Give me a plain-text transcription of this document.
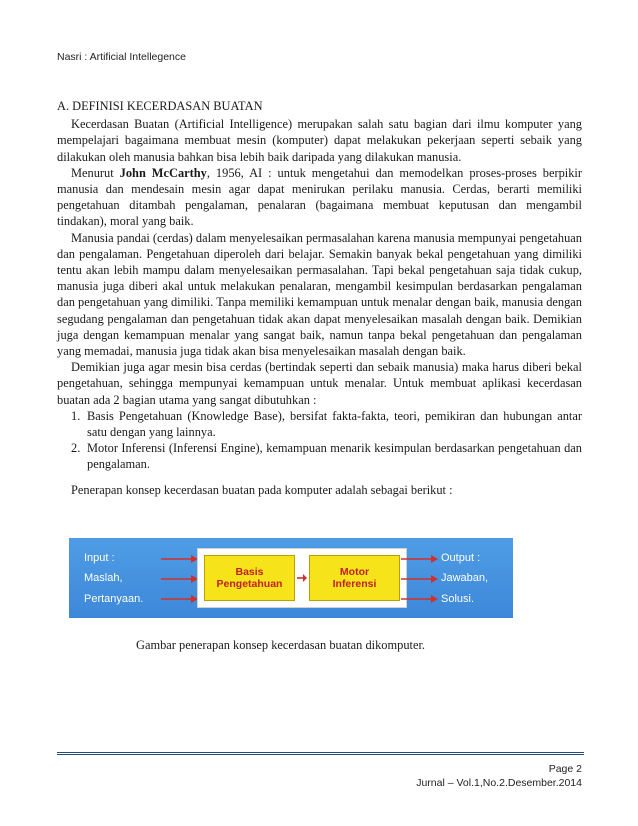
Nasri : Artificial Intellegence

A. DEFINISI KECERDASAN BUATAN

Kecerdasan Buatan (Artificial Intelligence) merupakan salah satu bagian dari ilmu komputer yang mempelajari bagaimana membuat mesin (komputer) dapat melakukan pekerjaan seperti sebaik yang dilakukan oleh manusia bahkan bisa lebih baik daripada yang dilakukan manusia.

Menurut John McCarthy, 1956, AI : untuk mengetahui dan memodelkan proses-proses berpikir manusia dan mendesain mesin agar dapat menirukan perilaku manusia. Cerdas, berarti memiliki pengetahuan ditambah pengalaman, penalaran (bagaimana membuat keputusan dan mengambil tindakan), moral yang baik.

Manusia pandai (cerdas) dalam menyelesaikan permasalahan karena manusia mempunyai pengetahuan dan pengalaman. Pengetahuan diperoleh dari belajar. Semakin banyak bekal pengetahuan yang dimiliki tentu akan lebih mampu dalam menyelesaikan permasalahan. Tapi bekal pengetahuan saja tidak cukup, manusia juga diberi akal untuk melakukan penalaran, mengambil kesimpulan berdasarkan pengalaman dan pengetahuan yang dimiliki. Tanpa memiliki kemampuan untuk menalar dengan baik, manusia dengan segudang pengalaman dan pengetahuan tidak akan dapat menyelesaikan masalah dengan baik. Demikian juga dengan kemampuan menalar yang sangat baik, namun tanpa bekal pengetahuan dan pengalaman yang memadai, manusia juga tidak akan bisa menyelesaikan masalah dengan baik.

Demikian juga agar mesin bisa cerdas (bertindak seperti dan sebaik manusia) maka harus diberi bekal pengetahuan, sehingga mempunyai kemampuan untuk menalar. Untuk membuat aplikasi kecerdasan buatan ada 2 bagian utama yang sangat dibutuhkan :

1. Basis Pengetahuan (Knowledge Base), bersifat fakta-fakta, teori, pemikiran dan hubungan antar satu dengan yang lainnya.
2. Motor Inferensi (Inferensi Engine), kemampuan menarik kesimpulan berdasarkan pengetahuan dan pengalaman.

Penerapan konsep kecerdasan buatan pada komputer adalah sebagai berikut :

Input :
Maslah,
Pertanyaan.
Basis
Pengetahuan
Motor
Inferensi
Output :
Jawaban,
Solusi.
Gambar penerapan konsep kecerdasan buatan dikomputer.
Page 2
Jurnal – Vol.1,No.2.Desember.2014
